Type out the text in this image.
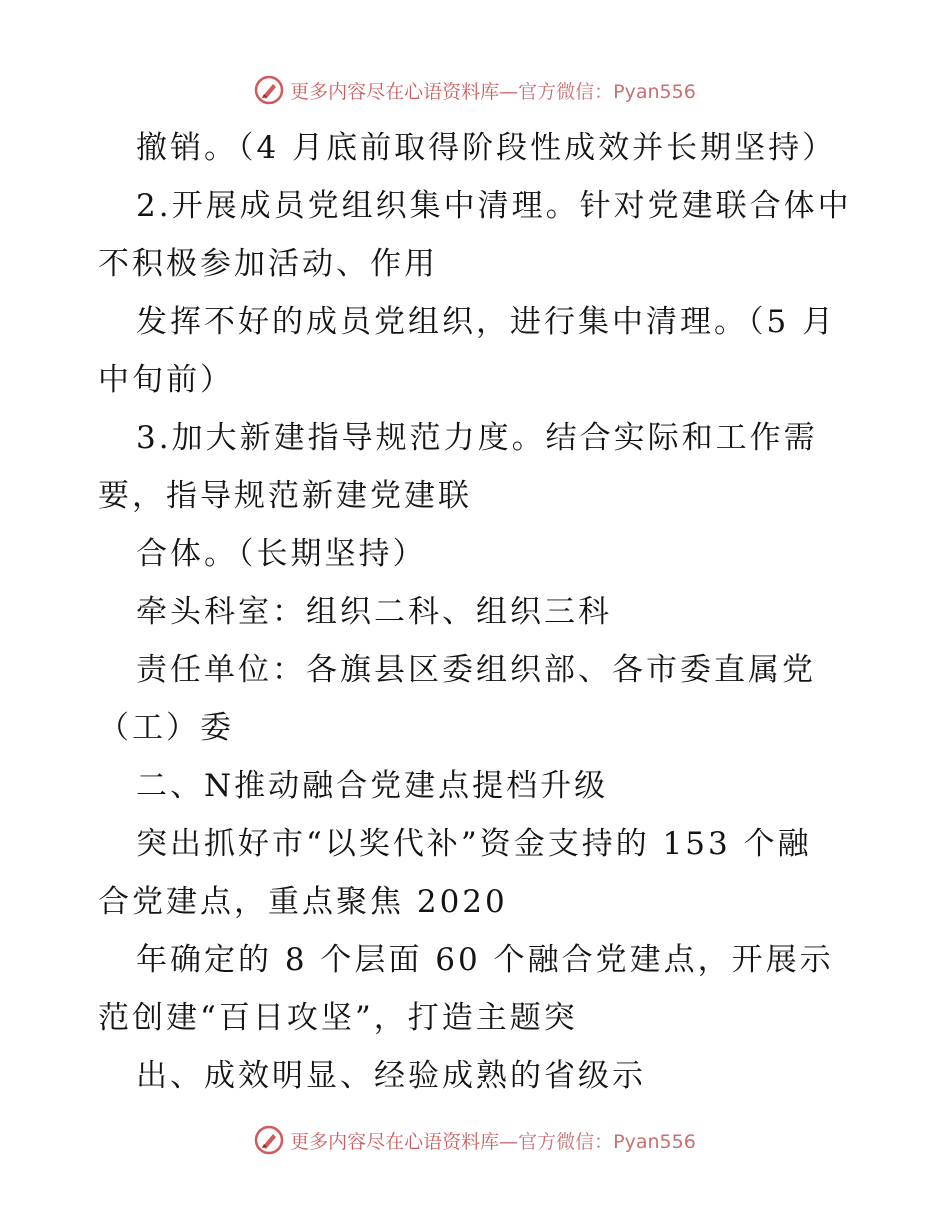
更多内容尽在心语资料库 —官方微信：Pyan556
撤销。（4 月底前取得阶段性成效并长期坚持）
2.开展成员党组织集中清理。针对党建联合体中
不积极参加活动、作用
发挥不好的成员党组织，进行集中清理。（5 月
中旬前）
3.加大新建指导规范力度。结合实际和工作需
要，指导规范新建党建联
合体。（长期坚持）
牵头科室：组织二科、组织三科
责任单位：各旗县区委组织部、各市委直属党
（工）委
二、N推动融合党建点提档升级
突出抓好市“以奖代补”资金支持的 153 个融
合党建点，重点聚焦 2020
年确定的 8 个层面 60 个融合党建点，开展示
范创建“百日攻坚”，打造主题突
出、成效明显、经验成熟的省级示
更多内容尽在心语资料库 —官方微信：Pyan556
